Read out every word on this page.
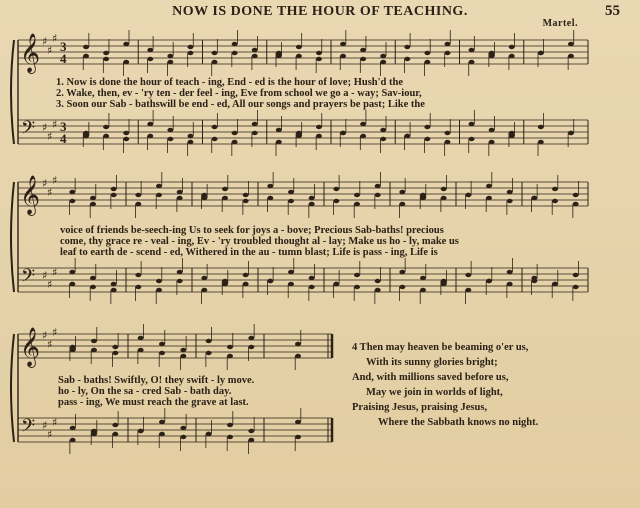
NOW IS DONE THE HOUR OF TEACHING.
Martel.
55
𝄞
𝄢
♯
♯
♯
♯
♯
♯
3
4
3
4
𝄞
𝄢
♯
♯
♯
♯
♯
♯
𝄞
𝄢
♯
♯
♯
♯
♯
♯
1. Now is done the hour of teach - ing, End - ed is the hour of love; Hush'd the
2. Wake, then, ev - 'ry ten - der feel - ing, Eve from school we go a - way; Sav-iour,
3. Soon our Sab - bathswill be end - ed, All our songs and prayers be past; Like the
voice of friends be-seech-ing Us to seek for joys a - bove; Precious Sab-baths! precious
come, thy grace re - veal - ing, Ev - 'ry troubled thought al - lay; Make us ho - ly, make us
leaf to earth de - scend - ed, Withered in the au - tumn blast; Life is pass - ing, Life is
Sab - baths! Swiftly, O! they swift - ly move.
ho - ly, On the sa - cred Sab - bath day.
pass - ing, We must reach the grave at last.
4 Then may heaven be beaming o'er us,
With its sunny glories bright;
And, with millions saved before us,
May we join in worlds of light,
Praising Jesus, praising Jesus,
Where the Sabbath knows no night.
